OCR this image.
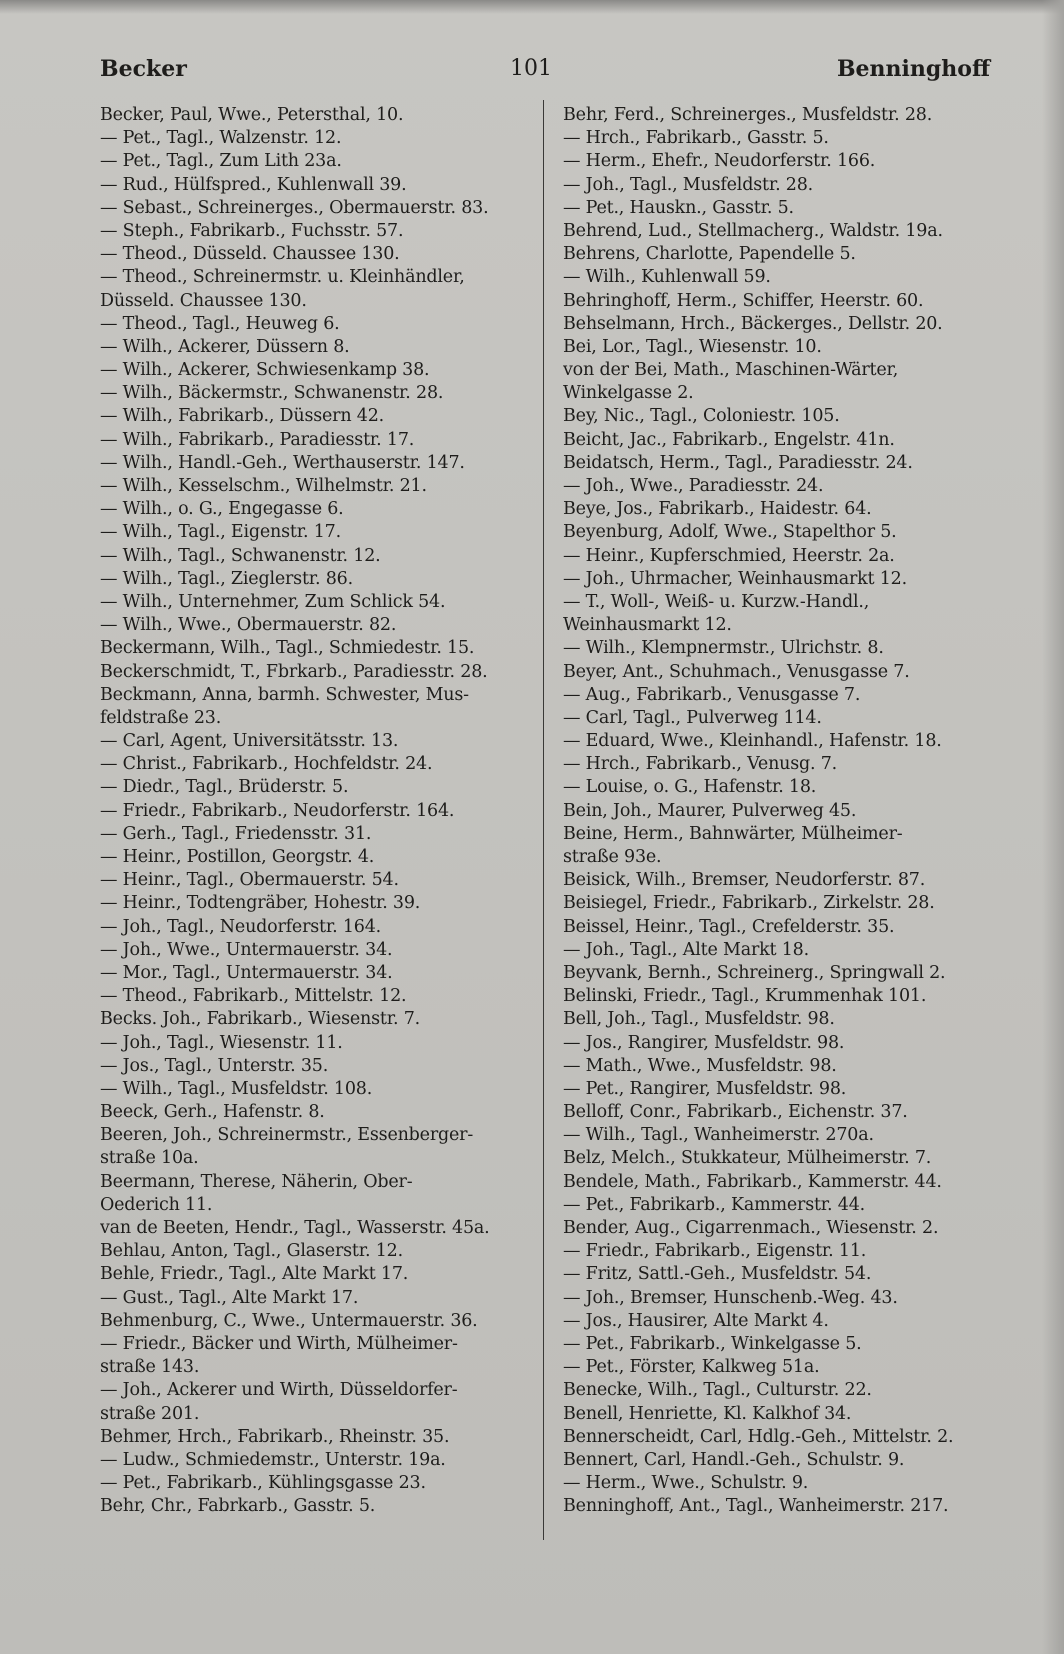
Becker	101	Benninghoff
Becker, Paul, Wwe., Petersthal, 10.
— Pet., Tagl., Walzenstr. 12.
— Pet., Tagl., Zum Lith 23a.
— Rud., Hülfspred., Kuhlenwall 39.
— Sebast., Schreinerges., Obermauerstr. 83.
— Steph., Fabrikarb., Fuchsstr. 57.
— Theod., Düsseld. Chaussee 130.
— Theod., Schreinermstr. u. Kleinhändler,
Düsseld. Chaussee 130.
— Theod., Tagl., Heuweg 6.
— Wilh., Ackerer, Düssern 8.
— Wilh., Ackerer, Schwiesenkamp 38.
— Wilh., Bäckermstr., Schwanenstr. 28.
— Wilh., Fabrikarb., Düssern 42.
— Wilh., Fabrikarb., Paradiesstr. 17.
— Wilh., Handl.-Geh., Werthauserstr. 147.
— Wilh., Kesselschm., Wilhelmstr. 21.
— Wilh., o. G., Engegasse 6.
— Wilh., Tagl., Eigenstr. 17.
— Wilh., Tagl., Schwanenstr. 12.
— Wilh., Tagl., Zieglerstr. 86.
— Wilh., Unternehmer, Zum Schlick 54.
— Wilh., Wwe., Obermauerstr. 82.
Beckermann, Wilh., Tagl., Schmiedestr. 15.
Beckerschmidt, T., Fbrkarb., Paradiesstr. 28.
Beckmann, Anna, barmh. Schwester, Mus-
feldstraße 23.
— Carl, Agent, Universitätsstr. 13.
— Christ., Fabrikarb., Hochfeldstr. 24.
— Diedr., Tagl., Brüderstr. 5.
— Friedr., Fabrikarb., Neudorferstr. 164.
— Gerh., Tagl., Friedensstr. 31.
— Heinr., Postillon, Georgstr. 4.
— Heinr., Tagl., Obermauerstr. 54.
— Heinr., Todtengräber, Hohestr. 39.
— Joh., Tagl., Neudorferstr. 164.
— Joh., Wwe., Untermauerstr. 34.
— Mor., Tagl., Untermauerstr. 34.
— Theod., Fabrikarb., Mittelstr. 12.
Becks. Joh., Fabrikarb., Wiesenstr. 7.
— Joh., Tagl., Wiesenstr. 11.
— Jos., Tagl., Unterstr. 35.
— Wilh., Tagl., Musfeldstr. 108.
Beeck, Gerh., Hafenstr. 8.
Beeren, Joh., Schreinermstr., Essenberger-
straße 10a.
Beermann, Therese, Näherin, Ober-
Oederich 11.
van de Beeten, Hendr., Tagl., Wasserstr. 45a.
Behlau, Anton, Tagl., Glaserstr. 12.
Behle, Friedr., Tagl., Alte Markt 17.
— Gust., Tagl., Alte Markt 17.
Behmenburg, C., Wwe., Untermauerstr. 36.
— Friedr., Bäcker und Wirth, Mülheimer-
straße 143.
— Joh., Ackerer und Wirth, Düsseldorfer-
straße 201.
Behmer, Hrch., Fabrikarb., Rheinstr. 35.
— Ludw., Schmiedemstr., Unterstr. 19a.
— Pet., Fabrikarb., Kühlingsgasse 23.
Behr, Chr., Fabrkarb., Gasstr. 5.
Behr, Ferd., Schreinerges., Musfeldstr. 28.
— Hrch., Fabrikarb., Gasstr. 5.
— Herm., Ehefr., Neudorferstr. 166.
— Joh., Tagl., Musfeldstr. 28.
— Pet., Hauskn., Gasstr. 5.
Behrend, Lud., Stellmacherg., Waldstr. 19a.
Behrens, Charlotte, Papendelle 5.
— Wilh., Kuhlenwall 59.
Behringhoff, Herm., Schiffer, Heerstr. 60.
Behselmann, Hrch., Bäckerges., Dellstr. 20.
Bei, Lor., Tagl., Wiesenstr. 10.
von der Bei, Math., Maschinen-Wärter,
Winkelgasse 2.
Bey, Nic., Tagl., Coloniestr. 105.
Beicht, Jac., Fabrikarb., Engelstr. 41n.
Beidatsch, Herm., Tagl., Paradiesstr. 24.
— Joh., Wwe., Paradiesstr. 24.
Beye, Jos., Fabrikarb., Haidestr. 64.
Beyenburg, Adolf, Wwe., Stapelthor 5.
— Heinr., Kupferschmied, Heerstr. 2a.
— Joh., Uhrmacher, Weinhausmarkt 12.
— T., Woll-, Weiß- u. Kurzw.-Handl.,
Weinhausmarkt 12.
— Wilh., Klempnermstr., Ulrichstr. 8.
Beyer, Ant., Schuhmach., Venusgasse 7.
— Aug., Fabrikarb., Venusgasse 7.
— Carl, Tagl., Pulverweg 114.
— Eduard, Wwe., Kleinhandl., Hafenstr. 18.
— Hrch., Fabrikarb., Venusg. 7.
— Louise, o. G., Hafenstr. 18.
Bein, Joh., Maurer, Pulverweg 45.
Beine, Herm., Bahnwärter, Mülheimer-
straße 93e.
Beisick, Wilh., Bremser, Neudorferstr. 87.
Beisiegel, Friedr., Fabrikarb., Zirkelstr. 28.
Beissel, Heinr., Tagl., Crefelderstr. 35.
— Joh., Tagl., Alte Markt 18.
Beyvank, Bernh., Schreinerg., Springwall 2.
Belinski, Friedr., Tagl., Krummenhak 101.
Bell, Joh., Tagl., Musfeldstr. 98.
— Jos., Rangirer, Musfeldstr. 98.
— Math., Wwe., Musfeldstr. 98.
— Pet., Rangirer, Musfeldstr. 98.
Belloff, Conr., Fabrikarb., Eichenstr. 37.
— Wilh., Tagl., Wanheimerstr. 270a.
Belz, Melch., Stukkateur, Mülheimerstr. 7.
Bendele, Math., Fabrikarb., Kammerstr. 44.
— Pet., Fabrikarb., Kammerstr. 44.
Bender, Aug., Cigarrenmach., Wiesenstr. 2.
— Friedr., Fabrikarb., Eigenstr. 11.
— Fritz, Sattl.-Geh., Musfeldstr. 54.
— Joh., Bremser, Hunschenb.-Weg. 43.
— Jos., Hausirer, Alte Markt 4.
— Pet., Fabrikarb., Winkelgasse 5.
— Pet., Förster, Kalkweg 51a.
Benecke, Wilh., Tagl., Culturstr. 22.
Benell, Henriette, Kl. Kalkhof 34.
Bennerscheidt, Carl, Hdlg.-Geh., Mittelstr. 2.
Bennert, Carl, Handl.-Geh., Schulstr. 9.
— Herm., Wwe., Schulstr. 9.
Benninghoff, Ant., Tagl., Wanheimerstr. 217.
